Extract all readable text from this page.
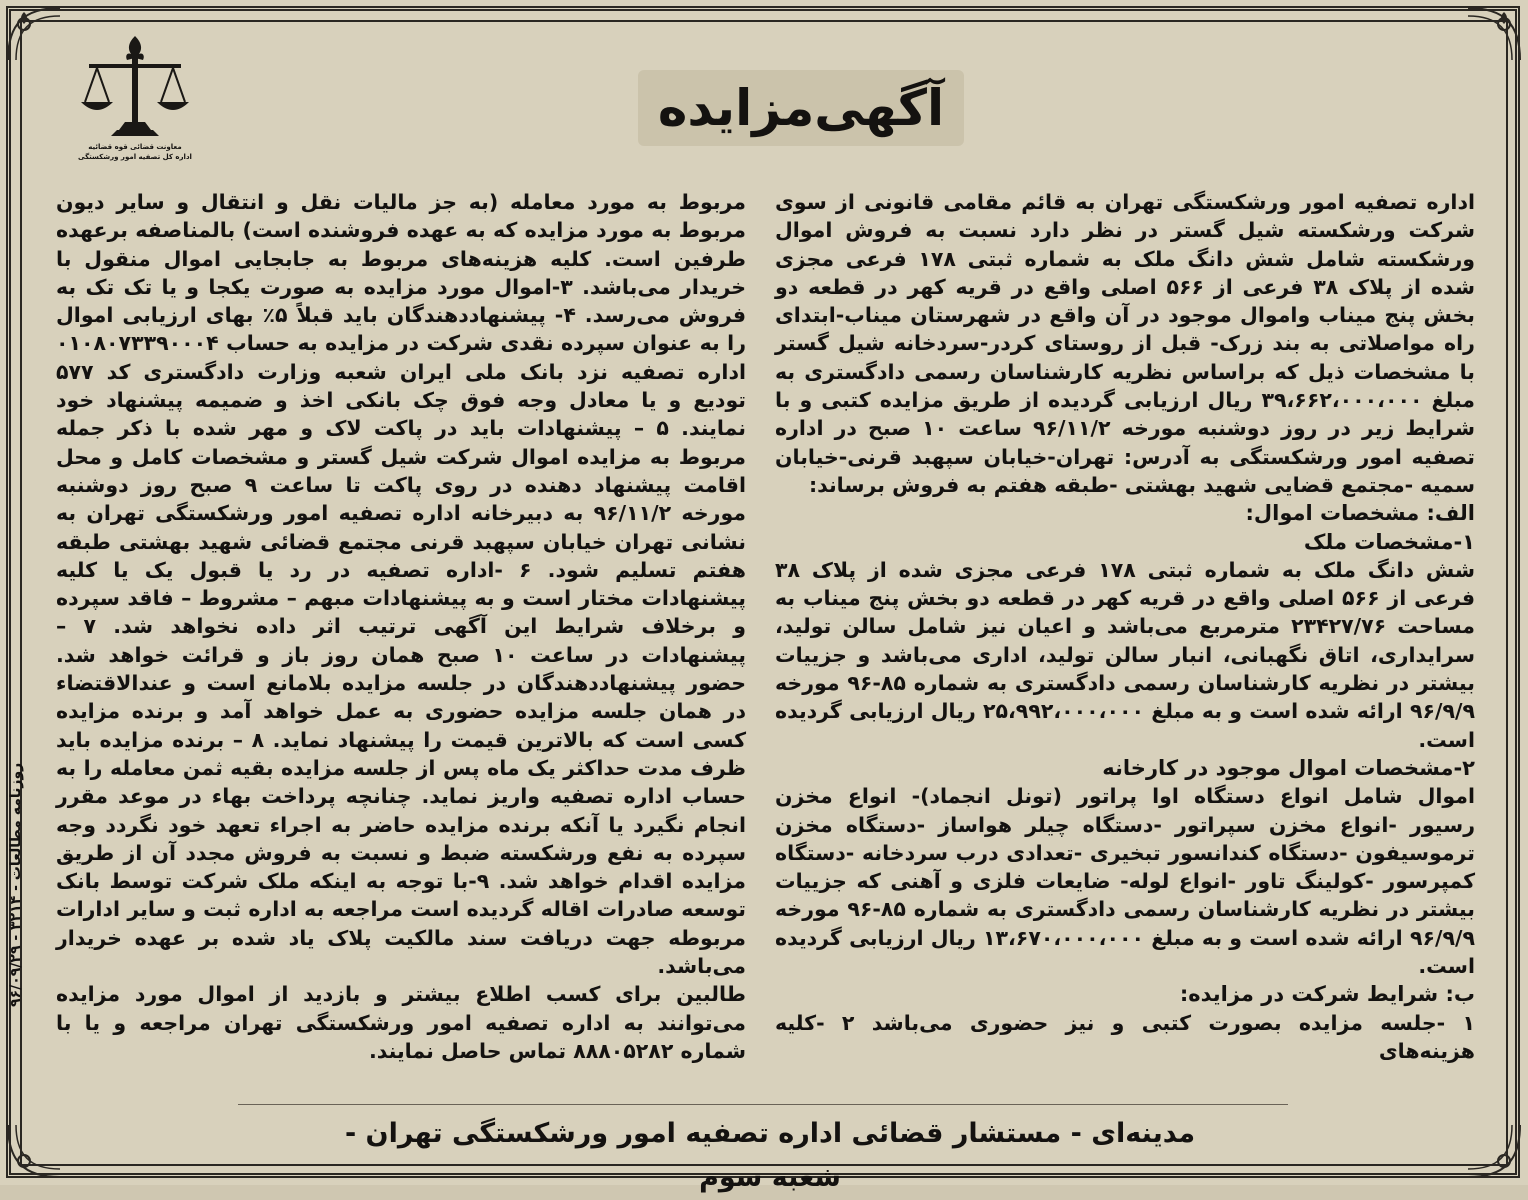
معاونت قضائی قوه قضائیه
اداره کل تصفیه امور ورشکستگی
آگهی‌مزایده

اداره تصفیه امور ورشکستگی تهران به قائم مقامی قانونی از سوی شرکت ورشکسته شیل گستر در نظر دارد نسبت به فروش اموال ورشکسته شامل شش دانگ ملک به شماره ثبتی ۱۷۸ فرعی مجزی شده از پلاک ۳۸ فرعی از ۵۶۶ اصلی واقع در قریه کهر در قطعه دو بخش پنج میناب واموال موجود در آن واقع در شهرستان میناب-ابتدای راه مواصلاتی به بند زرک- قبل از روستای کردر-سردخانه شیل گستر با مشخصات ذیل که براساس نظریه کارشناسان رسمی دادگستری به مبلغ ۳۹،۶۶۲،۰۰۰،۰۰۰ ریال ارزیابی گردیده از طریق مزایده کتبی و با شرایط زیر در روز دوشنبه مورخه ۹۶/۱۱/۲ ساعت ۱۰ صبح در اداره تصفیه امور ورشکستگی به آدرس: تهران-خیابان سپهبد قرنی-خیابان سمیه -مجتمع قضایی شهید بهشتی -طبقه هفتم به فروش برساند:

الف: مشخصات اموال:

۱-مشخصات ملک

شش دانگ ملک به شماره ثبتی ۱۷۸ فرعی مجزی شده از پلاک ۳۸ فرعی از ۵۶۶ اصلی واقع در قریه کهر در قطعه دو بخش پنج میناب به مساحت ۲۳۴۲۷/۷۶ مترمربع می‌باشد و اعیان نیز شامل سالن تولید، سرایداری، اتاق نگهبانی، انبار سالن تولید، اداری می‌باشد و جزییات بیشتر در نظریه کارشناسان رسمی دادگستری به شماره ۸۵-۹۶ مورخه ۹۶/۹/۹ ارائه شده است و به مبلغ ۲۵،۹۹۲،۰۰۰،۰۰۰ ریال ارزیابی گردیده است.

۲-مشخصات اموال موجود در کارخانه

اموال شامل انواع دستگاه اوا پراتور (تونل انجماد)- انواع مخزن رسیور -انواع مخزن سپراتور -دستگاه چیلر هواساز -دستگاه مخزن ترموسیفون -دستگاه کندانسور تبخیری -تعدادی درب سردخانه -دستگاه کمپرسور -کولینگ تاور -انواع لوله- ضایعات فلزی و آهنی که جزییات بیشتر در نظریه کارشناسان رسمی دادگستری به شماره ۸۵-۹۶ مورخه ۹۶/۹/۹ ارائه شده است و به مبلغ ۱۳،۶۷۰،۰۰۰،۰۰۰ ریال ارزیابی گردیده است.

ب: شرایط شرکت در مزایده:

۱ -جلسه مزایده بصورت کتبی و نیز حضوری می‌باشد ۲ -کلیه هزینه‌های

مربوط به مورد معامله (به جز مالیات نقل و انتقال و سایر دیون مربوط به مورد مزایده که به عهده فروشنده است) بالمناصفه برعهده طرفین است. کلیه هزینه‌های مربوط به جابجایی اموال منقول با خریدار می‌باشد. ۳-اموال مورد مزایده به صورت یکجا و یا تک تک به فروش می‌رسد. ۴- پیشنهاددهندگان باید قبلاً ۵٪ بهای ارزیابی اموال را به عنوان سپرده نقدی شرکت در مزایده به حساب ۰۱۰۸۰۷۳۳۹۰۰۰۴ اداره تصفیه نزد بانک ملی ایران شعبه وزارت دادگستری کد ۵۷۷ تودیع و یا معادل وجه فوق چک بانکی اخذ و ضمیمه پیشنهاد خود نمایند. ۵ – پیشنهادات باید در پاکت لاک و مهر شده با ذکر جمله مربوط به مزایده اموال شرکت شیل گستر و مشخصات کامل و محل اقامت پیشنهاد دهنده در روی پاکت تا ساعت ۹ صبح روز دوشنبه مورخه ۹۶/۱۱/۲ به دبیرخانه اداره تصفیه امور ورشکستگی تهران به نشانی تهران خیابان سپهبد قرنی مجتمع قضائی شهید بهشتی طبقه هفتم تسلیم شود. ۶ -اداره تصفیه در رد یا قبول یک یا کلیه پیشنهادات مختار است و به پیشنهادات مبهم – مشروط – فاقد سپرده و برخلاف شرایط این آگهی ترتیب اثر داده نخواهد شد. ۷ – پیشنهادات در ساعت ۱۰ صبح همان روز باز و قرائت خواهد شد. حضور پیشنهاددهندگان در جلسه مزایده بلامانع است و عندالاقتضاء در همان جلسه مزایده حضوری به عمل خواهد آمد و برنده مزایده کسی است که بالاترین قیمت را پیشنهاد نماید. ۸ – برنده مزایده باید ظرف مدت حداکثر یک ماه پس از جلسه مزایده بقیه ثمن معامله را به حساب اداره تصفیه واریز نماید. چنانچه پرداخت بهاء در موعد مقرر انجام نگیرد یا آنکه برنده مزایده حاضر به اجراء تعهد خود نگردد وجه سپرده به نفع ورشکسته ضبط و نسبت به فروش مجدد آن از طریق مزایده اقدام خواهد شد. ۹-با توجه به اینکه ملک شرکت توسط بانک توسعه صادرات اقاله گردیده است مراجعه به اداره ثبت و سایر ادارات مربوطه جهت دریافت سند مالکیت پلاک یاد شده بر عهده خریدار می‌باشد.

طالبین برای کسب اطلاع بیشتر و بازدید از اموال مورد مزایده می‌توانند به اداره تصفیه امور ورشکستگی تهران مراجعه و یا با شماره ۸۸۸۰۵۲۸۲ تماس حاصل نمایند.

روزنامه مطالعات - ۳۲۱۴ - ۹۶/۰۹/۲۹
مدینه‌ای - مستشار قضائی اداره تصفیه امور ورشکستگی تهران - شعبه سوم
